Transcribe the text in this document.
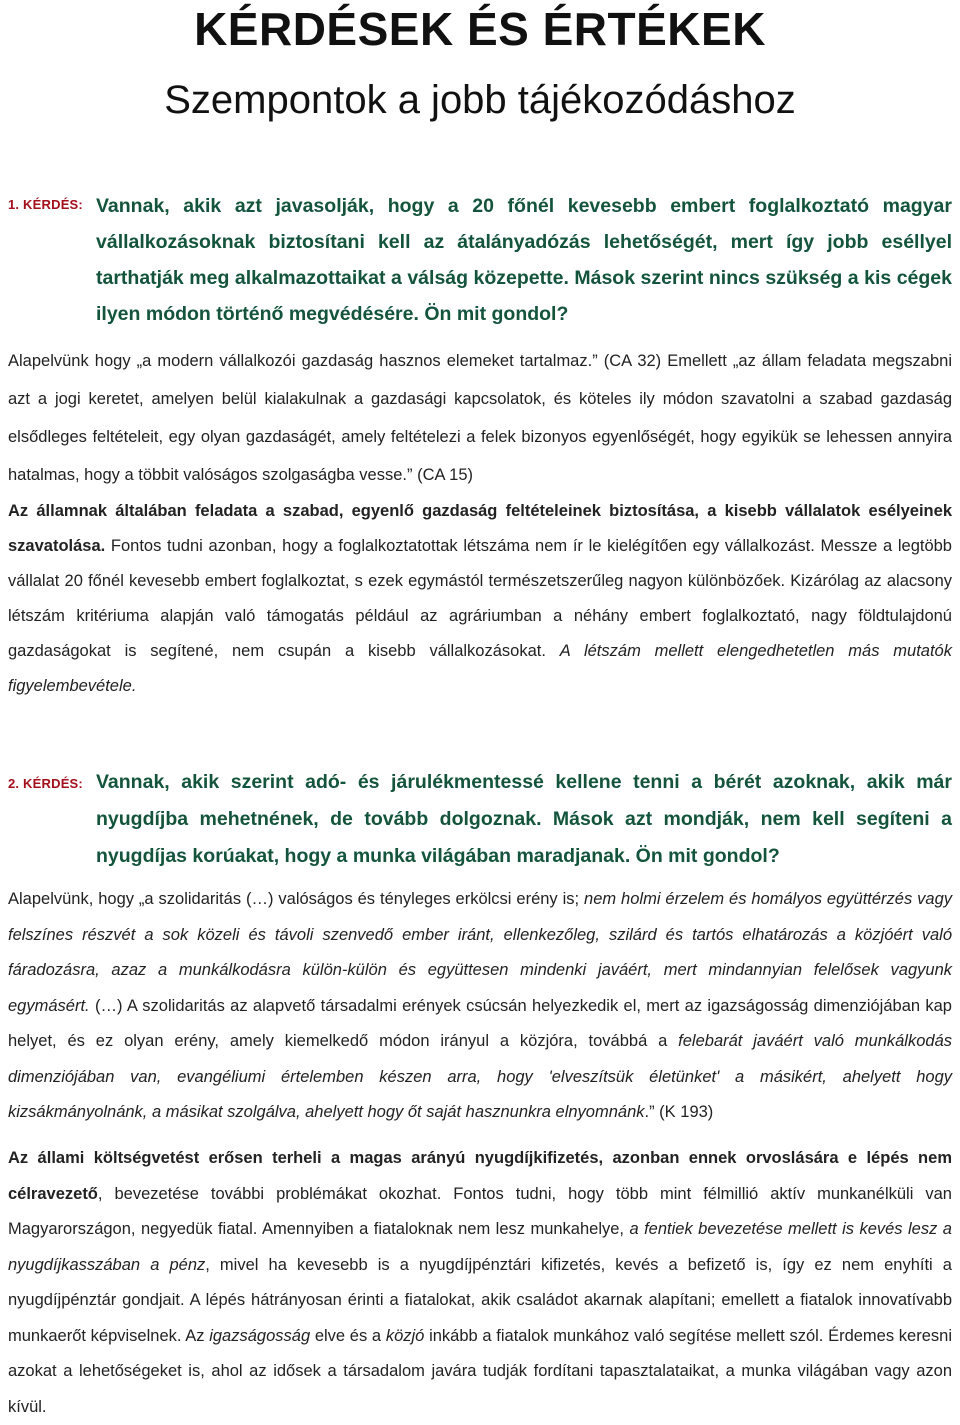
KÉRDÉSEK ÉS ÉRTÉKEK
Szempontok a jobb tájékozódáshoz
1. KÉRDÉS: Vannak, akik azt javasolják, hogy a 20 főnél kevesebb embert foglalkoztató magyar vállalkozásoknak biztosítani kell az átalányadózás lehetőségét, mert így jobb eséllyel tarthatják meg alkalmazottaikat a válság közepette. Mások szerint nincs szükség a kis cégek ilyen módon történő megvédésére. Ön mit gondol?
Alapelvünk hogy „a modern vállalkozói gazdaság hasznos elemeket tartalmaz.” (CA 32) Emellett „az állam feladata megszabni azt a jogi keretet, amelyen belül kialakulnak a gazdasági kapcsolatok, és köteles ily módon szavatolni a szabad gazdaság elsődleges feltételeit, egy olyan gazdaságét, amely feltételezi a felek bizonyos egyenlőségét, hogy egyikük se lehessen annyira hatalmas, hogy a többit valóságos szolgaságba vesse.” (CA 15)
Az államnak általában feladata a szabad, egyenlő gazdaság feltételeinek biztosítása, a kisebb vállalatok esélyeinek szavatolása. Fontos tudni azonban, hogy a foglalkoztatottak létszáma nem ír le kielégítően egy vállalkozást. Messze a legtöbb vállalat 20 főnél kevesebb embert foglalkoztat, s ezek egymástól természetszerűleg nagyon különbözőek. Kizárólag az alacsony létszám kritériuma alapján való támogatás például az agráriumban a néhány embert foglalkoztató, nagy földtulajdonú gazdaságokat is segítené, nem csupán a kisebb vállalkozásokat. A létszám mellett elengedhetetlen más mutatók figyelembevétele.
2. KÉRDÉS: Vannak, akik szerint adó- és járulékmentessé kellene tenni a bérét azoknak, akik már nyugdíjba mehetnének, de tovább dolgoznak. Mások azt mondják, nem kell segíteni a nyugdíjas korúakat, hogy a munka világában maradjanak. Ön mit gondol?
Alapelvünk, hogy „a szolidaritás (…) valóságos és tényleges erkölcsi erény is; nem holmi érzelem és homályos együttérzés vagy felszínes részvét a sok közeli és távoli szenvedő ember iránt, ellenkezőleg, szilárd és tartós elhatározás a közjóért való fáradozásra, azaz a munkálkodásra külön-külön és együttesen mindenki javáért, mert mindannyian felelősek vagyunk egymásért. (…) A szolidaritás az alapvető társadalmi erények csúcsán helyezkedik el, mert az igazságosság dimenziójában kap helyet, és ez olyan erény, amely kiemelkedő módon irányul a közjóra, továbbá a felebarát javáért való munkálkodás dimenziójában van, evangéliumi értelemben készen arra, hogy 'elveszítsük életünket' a másikért, ahelyett hogy kizsákmányolnánk, a másikat szolgálva, ahelyett hogy őt saját hasznunkra elnyomnánk.” (K 193)
Az állami költségvetést erősen terheli a magas arányú nyugdíjkifizetés, azonban ennek orvoslására e lépés nem célravezető, bevezetése további problémákat okozhat. Fontos tudni, hogy több mint félmillió aktív munkanélküli van Magyarországon, negyedük fiatal. Amennyiben a fiataloknak nem lesz munkahelye, a fentiek bevezetése mellett is kevés lesz a nyugdíjkasszában a pénz, mivel ha kevesebb is a nyugdíjpénztári kifizetés, kevés a befizető is, így ez nem enyhíti a nyugdíjpénztár gondjait. A lépés hátrányosan érinti a fiatalokat, akik családot akarnak alapítani; emellett a fiatalok innovatívabb munkaerőt képviselnek. Az igazságosság elve és a közjó inkább a fiatalok munkához való segítése mellett szól. Érdemes keresni azokat a lehetőségeket is, ahol az idősek a társadalom javára tudják fordítani tapasztalataikat, a munka világában vagy azon kívül.
